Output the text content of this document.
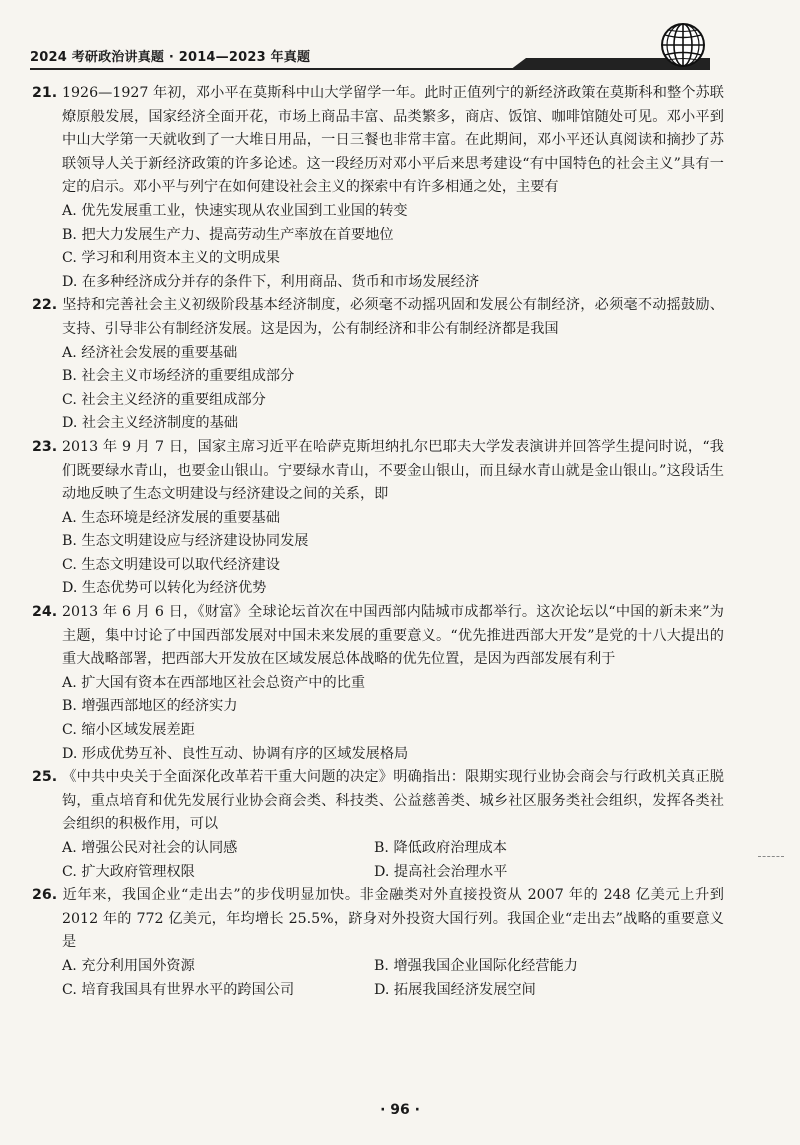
2024 考研政治讲真题 · 2014—2023 年真题
21. 1926—1927 年初，邓小平在莫斯科中山大学留学一年。此时正值列宁的新经济政策在莫斯科和整个苏联燎原般发展，国家经济全面开花，市场上商品丰富、品类繁多，商店、饭馆、咖啡馆随处可见。邓小平到中山大学第一天就收到了一大堆日用品，一日三餐也非常丰富。在此期间，邓小平还认真阅读和摘抄了苏联领导人关于新经济政策的许多论述。这一段经历对邓小平后来思考建设“有中国特色的社会主义”具有一定的启示。邓小平与列宁在如何建设社会主义的探索中有许多相通之处，主要有
A. 优先发展重工业，快速实现从农业国到工业国的转变
B. 把大力发展生产力、提高劳动生产率放在首要地位
C. 学习和利用资本主义的文明成果
D. 在多种经济成分并存的条件下，利用商品、货币和市场发展经济
22. 坚持和完善社会主义初级阶段基本经济制度，必须毫不动摇巩固和发展公有制经济，必须毫不动摇鼓励、支持、引导非公有制经济发展。这是因为，公有制经济和非公有制经济都是我国
A. 经济社会发展的重要基础
B. 社会主义市场经济的重要组成部分
C. 社会主义经济的重要组成部分
D. 社会主义经济制度的基础
23. 2013 年 9 月 7 日，国家主席习近平在哈萨克斯坦纳扎尔巴耶夫大学发表演讲并回答学生提问时说，“我们既要绿水青山，也要金山银山。宁要绿水青山，不要金山银山，而且绿水青山就是金山银山。”这段话生动地反映了生态文明建设与经济建设之间的关系，即
A. 生态环境是经济发展的重要基础
B. 生态文明建设应与经济建设协同发展
C. 生态文明建设可以取代经济建设
D. 生态优势可以转化为经济优势
24. 2013 年 6 月 6 日，《财富》全球论坛首次在中国西部内陆城市成都举行。这次论坛以“中国的新未来”为主题，集中讨论了中国西部发展对中国未来发展的重要意义。“优先推进西部大开发”是党的十八大提出的重大战略部署，把西部大开发放在区域发展总体战略的优先位置，是因为西部发展有利于
A. 扩大国有资本在西部地区社会总资产中的比重
B. 增强西部地区的经济实力
C. 缩小区域发展差距
D. 形成优势互补、良性互动、协调有序的区域发展格局
25. 《中共中央关于全面深化改革若干重大问题的决定》明确指出：限期实现行业协会商会与行政机关真正脱钩，重点培育和优先发展行业协会商会类、科技类、公益慈善类、城乡社区服务类社会组织，发挥各类社会组织的积极作用，可以
A. 增强公民对社会的认同感	B. 降低政府治理成本
C. 扩大政府管理权限	D. 提高社会治理水平
26. 近年来，我国企业“走出去”的步伐明显加快。非金融类对外直接投资从 2007 年的 248 亿美元上升到 2012 年的 772 亿美元，年均增长 25.5%，跻身对外投资大国行列。我国企业“走出去”战略的重要意义是
A. 充分利用国外资源	B. 增强我国企业国际化经营能力
C. 培育我国具有世界水平的跨国公司	D. 拓展我国经济发展空间
· 96 ·
